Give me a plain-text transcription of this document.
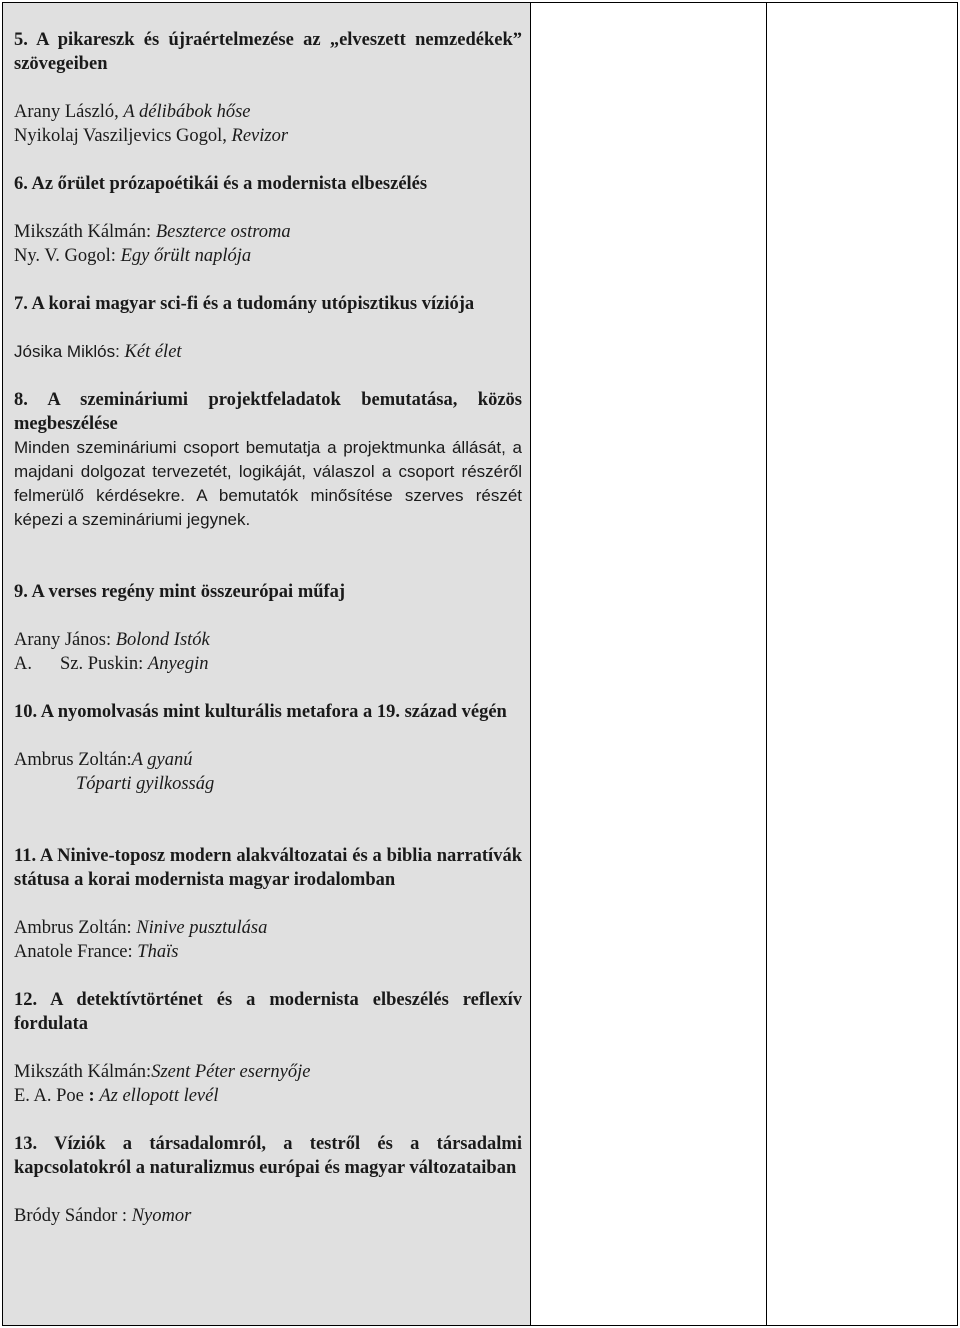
5. A pikareszk és újraértelmezése az „elveszett nemzedékek” szövegeiben

Arany László, A délibábok hőse

Nyikolaj Vasziljevics Gogol, Revizor

6. Az őrület prózapoétikái és a modernista elbeszélés

Mikszáth Kálmán: Beszterce ostroma

Ny. V. Gogol: Egy őrült naplója

7. A korai magyar sci-fi és a tudomány utópisztikus víziója

Jósika Miklós: Két élet

8. A szemináriumi projektfeladatok bemutatása, közös megbeszélése

Minden szemináriumi csoport bemutatja a projektmunka állását, a majdani dolgozat tervezetét, logikáját, válaszol a csoport részéről felmerülő kérdésekre. A bemutatók minősítése szerves részét képezi a szemináriumi jegynek.

9. A verses regény mint összeurópai műfaj

Arany János: Bolond Istók

A. Sz. Puskin: Anyegin

10. A nyomolvasás mint kulturális metafora a 19. század végén

Ambrus Zoltán:A gyanú

Tóparti gyilkosság

11. A Ninive-toposz modern alakváltozatai és a biblia narratívák státusa a korai modernista magyar irodalomban

Ambrus Zoltán: Ninive pusztulása

Anatole France: Thaïs

12. A detektívtörténet és a modernista elbeszélés reflexív fordulata

Mikszáth Kálmán:Szent Péter esernyője

E. A. Poe : Az ellopott levél

13. Víziók a társadalomról, a testről és a társadalmi kapcsolatokról a naturalizmus európai és magyar változataiban

Bródy Sándor : Nyomor
